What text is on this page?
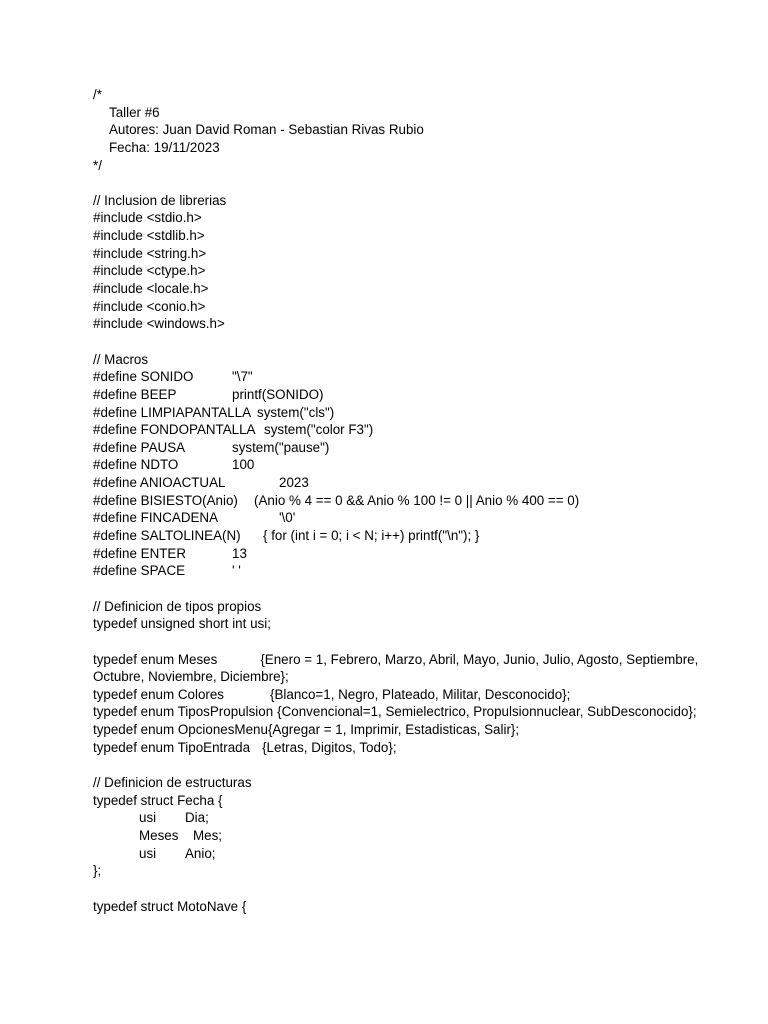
/*
Taller #6
Autores: Juan David Roman - Sebastian Rivas Rubio
Fecha: 19/11/2023
*/
// Inclusion de librerias
#include <stdio.h>
#include <stdlib.h>
#include <string.h>
#include <ctype.h>
#include <locale.h>
#include <conio.h>
#include <windows.h>
// Macros
#define SONIDO	"\7"
#define BEEP	printf(SONIDO)
#define LIMPIAPANTALLA system("cls")
#define FONDOPANTALLA system("color F3")
#define PAUSA	system("pause")
#define NDTO	100
#define ANIOACTUAL	2023
#define BISIESTO(Anio) (Anio % 4 == 0 && Anio % 100 != 0 || Anio % 400 == 0)
#define FINCADENA	'\0'
#define SALTOLINEA(N) { for (int i = 0; i < N; i++) printf("\n"); }
#define ENTER	13
#define SPACE	' '
// Definicion de tipos propios
typedef unsigned short int usi;
typedef enum Meses	{Enero = 1, Febrero, Marzo, Abril, Mayo, Junio, Julio, Agosto, Septiembre, Octubre, Noviembre, Diciembre};
typedef enum Colores	{Blanco=1, Negro, Plateado, Militar, Desconocido};
typedef enum TiposPropulsion {Convencional=1, Semielectrico, Propulsionnuclear, SubDesconocido};
typedef enum OpcionesMenu{Agregar = 1, Imprimir, Estadisticas, Salir};
typedef enum TipoEntrada {Letras, Digitos, Todo};
// Definicion de estructuras
typedef struct Fecha {
usi Dia;
Meses Mes;
usi Anio;
};
typedef struct MotoNave {
